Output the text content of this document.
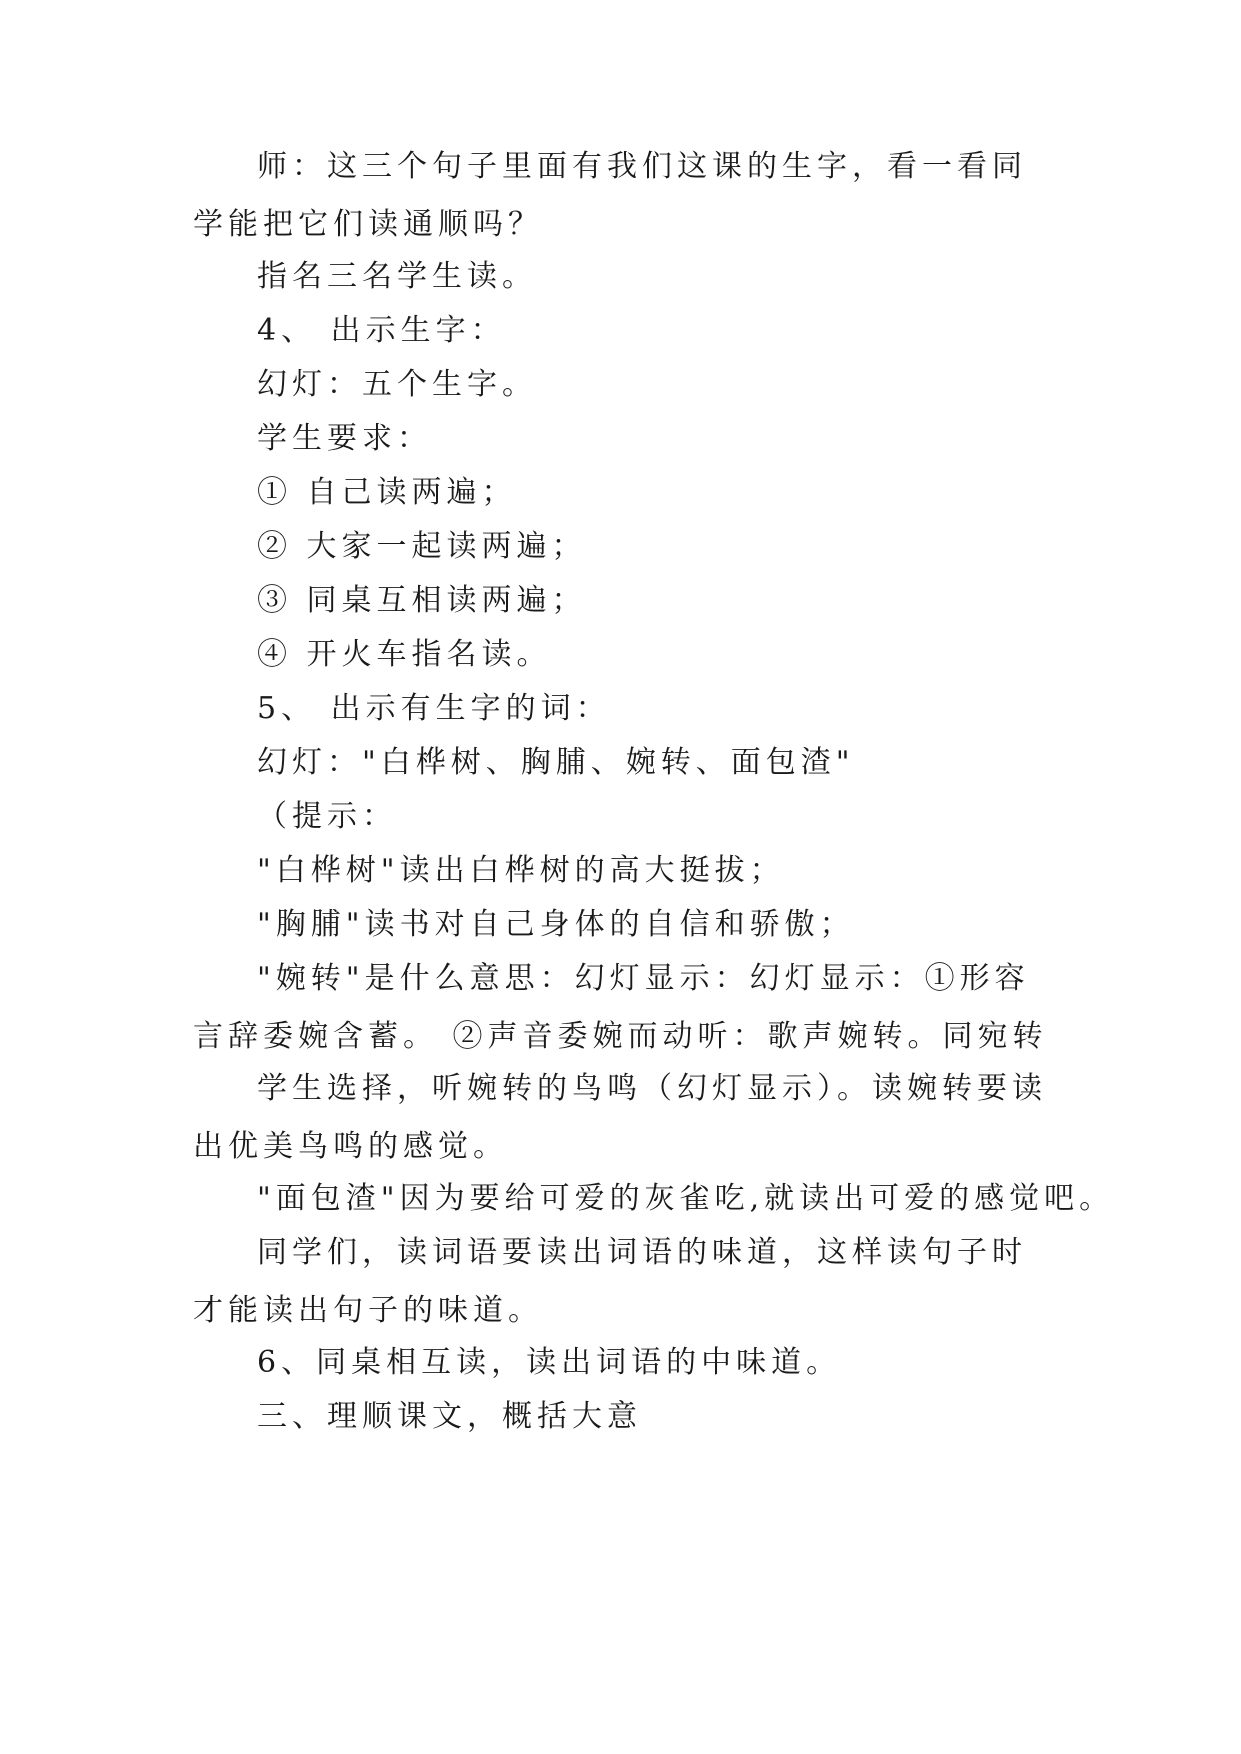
师：这三个句子里面有我们这课的生字，看一看同学能把它们读通顺吗？

指名三名学生读。

4、 出示生字：

幻灯：五个生字。

学生要求：

① 自己读两遍；

② 大家一起读两遍；

③ 同桌互相读两遍；

④ 开火车指名读。

5、 出示有生字的词：

幻灯："白桦树、胸脯、婉转、面包渣"

（提示：

"白桦树"读出白桦树的高大挺拔；

"胸脯"读书对自己身体的自信和骄傲；

"婉转"是什么意思：幻灯显示：幻灯显示：①形容言辞委婉含蓄。 ②声音委婉而动听：歌声婉转。同宛转

学生选择，听婉转的鸟鸣（幻灯显示）。读婉转要读出优美鸟鸣的感觉。

"面包渣"因为要给可爱的灰雀吃,就读出可爱的感觉吧。

同学们，读词语要读出词语的味道，这样读句子时才能读出句子的味道。

6、同桌相互读，读出词语的中味道。

三、理顺课文，概括大意
